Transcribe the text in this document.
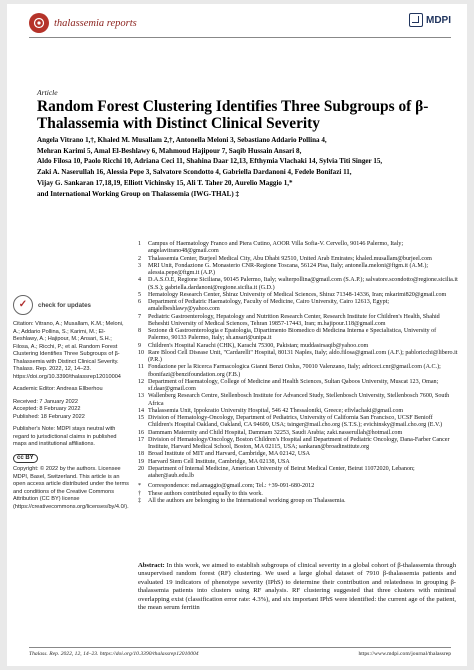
thalassemia reports	MDPI
Article
Random Forest Clustering Identifies Three Subgroups of β-Thalassemia with Distinct Clinical Severity
Angela Vitrano 1,†, Khaled M. Musallam 2,†, Antonella Meloni 3, Sebastiano Addario Pollina 4,
Mehran Karimi 5, Amal El-Beshlawy 6, Mahmoud Hajipour 7, Saqib Hussain Ansari 8,
Aldo Filosa 10, Paolo Ricchi 10, Adriana Ceci 11, Shahina Daar 12,13, Efthymia Vlachaki 14, Sylvia Titi Singer 15,
Zaki A. Naserullah 16, Alessia Pepe 3, Salvatore Scondotto 4, Gabriella Dardanoni 4, Fedele Bonifazi 11,
Vijay G. Sankaran 17,18,19, Elliott Vichinsky 15, Ali T. Taher 20, Aurelio Maggio 1,*
and International Working Group on Thalassemia (IWG-THAL) ‡
✓	check for updates
Citation: Vitrano, A.; Musallam, K.M.; Meloni, A.; Addario Pollina, S.; Karimi, M.; El-Beshlawy, A.; Hajipour, M.; Ansari, S.H.; Filosa, A.; Ricchi, P.; et al. Random Forest Clustering Identifies Three Subgroups of β-Thalassemia with Distinct Clinical Severity. Thalass. Rep. 2022, 12, 14–23. https://doi.org/10.3390/thalassrep12010004
Academic Editor: Andreas Ellberhou
Received: 7 January 2022
Accepted: 8 February 2022
Published: 18 February 2022
Publisher's Note: MDPI stays neutral with regard to jurisdictional claims in published maps and institutional affiliations.
cc BY
Copyright: © 2022 by the authors. Licensee MDPI, Basel, Switzerland. This article is an open access article distributed under the terms and conditions of the Creative Commons Attribution (CC BY) license (https://creativecommons.org/licenses/by/4.0/).
1	Campus of Haematology Franco and Piera Cutino, AOOR Villa Sofia-V. Cervello, 90146 Palermo, Italy; angelavitrano48@gmail.com
2	Thalassemia Center, Burjeel Medical City, Abu Dhabi 92510, United Arab Emirates; khaled.musallam@burjeel.com
3	MRI Unit, Fondazione G. Monasterio CNR-Regione Toscana, 56124 Pisa, Italy; antonella.meloni@ftgm.it (A.M.); alessia.pepe@ftgm.it (A.P.)
4	D.A.S.O.E, Regione Siciliana, 90145 Palermo, Italy; walterpollina@gmail.com (S.A.P.); salvatore.scondotto@regione.sicilia.it (S.S.); gabriella.dardanoni@regione.sicilia.it (G.D.)
5	Hematology Research Center, Shiraz University of Medical Sciences, Shiraz 71348-14336, Iran; mkarimi820@gmail.com
6	Department of Pediatric Haematology, Faculty of Medicine, Cairo University, Cairo 12613, Egypt; amalelbeshlawy@yahoo.com
7	Pediatric Gastroenterology, Hepatology and Nutrition Research Center, Research Institute for Children's Health, Shahid Beheshti University of Medical Sciences, Tehran 19857-17443, Iran; m.hajipour.118@gmail.com
8	Sezione di Gastroenterologia e Epatologia, Dipartimento Biomedico di Medicina Interna e Specialistica, University of Palermo, 90133 Palermo, Italy; sh.ansari@unipa.it
9	Children's Hospital Karachi (CHK), Karachi 75300, Pakistan; muddasirsaqib@yahoo.com
10 Rare Blood Cell Disease Unit, "Cardarelli" Hospital, 80131 Naples, Italy; aldo.filosa@gmail.com (A.F.); pabloricchi@libero.it (P.R.)
11 Fondazione per la Ricerca Farmacologica Gianni Benzi Onlus, 70010 Valenzano, Italy; adriceci.cnr@gmail.com (A.C.); fbonifazi@benzifoundation.org (F.B.)
12 Department of Haematology, College of Medicine and Health Sciences, Sultan Qaboos University, Muscat 123, Oman; sf.daar@gmail.com
13 Wallenberg Research Centre, Stellenbosch Institute for Advanced Study, Stellenbosch University, Stellenbosch 7600, South Africa
14 Thalassemia Unit, Ippokratio University Hospital, 546 42 Thessaloniki, Greece; efivlachaki@gmail.com
15 Division of Hematology-Oncology, Department of Pediatrics, University of California San Francisco, UCSF Benioff Children's Hospital Oakland, Oakland, CA 94609, USA; tsinger@mail.cho.org (S.T.S.); evichinsky@mail.cho.org (E.V.)
16 Dammam Maternity and Child Hospital, Dammam 32253, Saudi Arabia; zaki.nasserullah@hotmail.com
17 Division of Hematology/Oncology, Boston Children's Hospital and Department of Pediatric Oncology, Dana-Farber Cancer Institute, Harvard Medical School, Boston, MA 02115, USA; sankaran@broadinstitute.org
18 Broad Institute of MIT and Harvard, Cambridge, MA 02142, USA
19 Harvard Stem Cell Institute, Cambridge, MA 02138, USA
20 Department of Internal Medicine, American University of Beirut Medical Center, Beirut 11072020, Lebanon; ataher@aub.edu.lb
*	Correspondence: md.amaggio@gmail.com; Tel.: +39-091-680-2012
†	These authors contributed equally to this work.
‡	All the authors are belonging to the International working group on Thalassemia.
Abstract: In this work, we aimed to establish subgroups of clinical severity in a global cohort of β-thalassemia through unsupervised random forest (RF) clustering. We used a large global dataset of 7910 β-thalassemia patients and evaluated 19 indicators of phenotype severity (IPhS) to determine their contribution and relatedness in grouping β-thalassemia patients into clusters using RF analysis. RF clustering suggested that three clusters with minimal overlapping exist (classification error rate: 4.3%), and six important IPhS were identified: the current age of the patient, the mean serum ferritin
Thalass. Rep. 2022, 12, 14–23. https://doi.org/10.3390/thalassrep12010004	https://www.mdpi.com/journal/thalassrep
